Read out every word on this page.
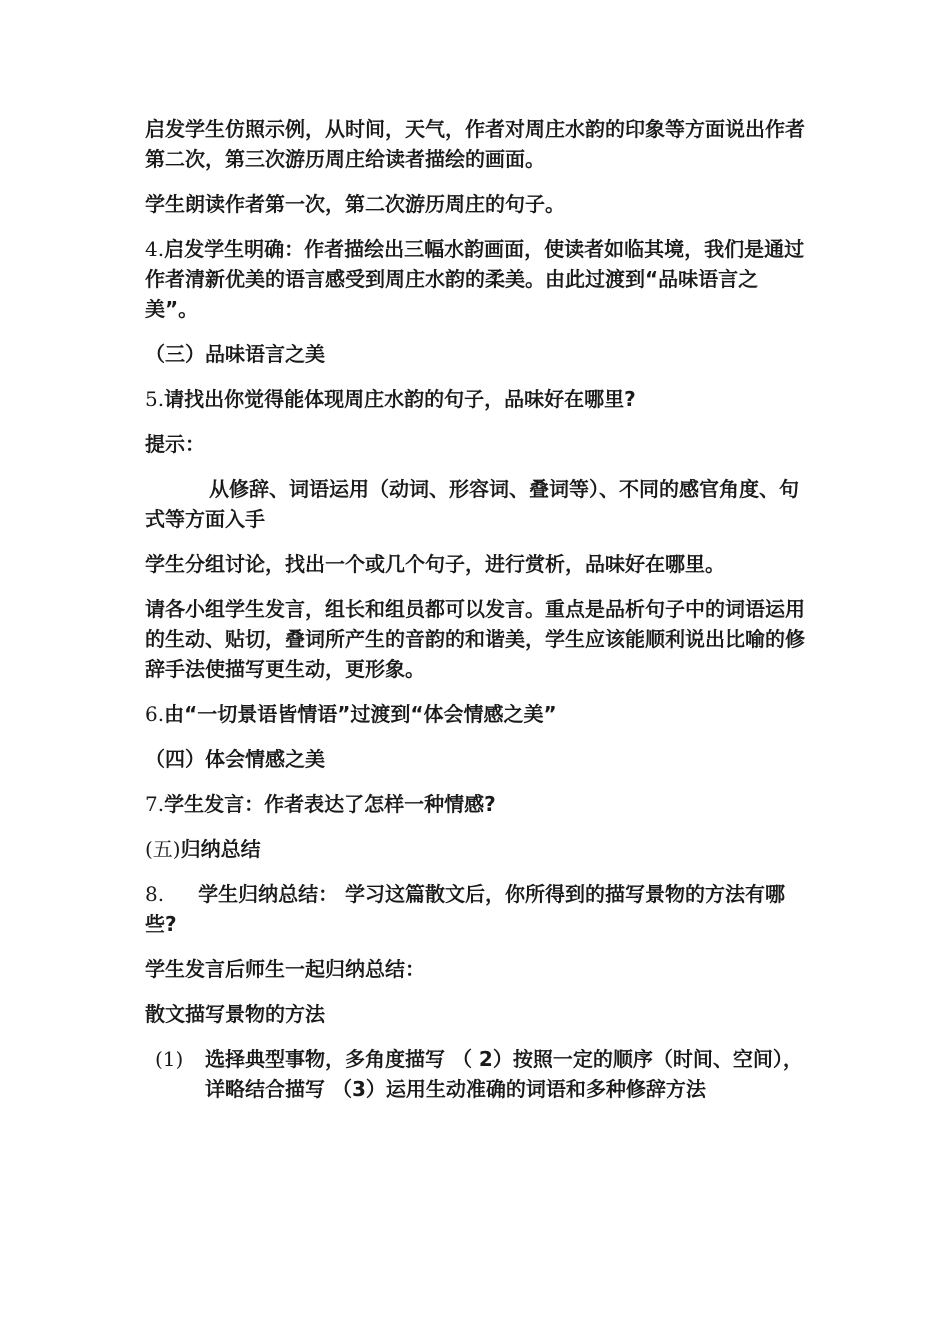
启发学生仿照示例，从时间，天气，作者对周庄水韵的印象等方面说出作者第二次，第三次游历周庄给读者描绘的画面。

学生朗读作者第一次，第二次游历周庄的句子。

4.启发学生明确：作者描绘出三幅水韵画面，使读者如临其境，我们是通过作者清新优美的语言感受到周庄水韵的柔美。由此过渡到“品味语言之美”。

（三）品味语言之美

5.请找出你觉得能体现周庄水韵的句子，品味好在哪里?

提示：

从修辞、词语运用（动词、形容词、叠词等）、不同的感官角度、句式等方面入手

学生分组讨论，找出一个或几个句子，进行赏析，品味好在哪里。

请各小组学生发言，组长和组员都可以发言。重点是品析句子中的词语运用的生动、贴切，叠词所产生的音韵的和谐美，学生应该能顺利说出比喻的修辞手法使描写更生动，更形象。

6.由“一切景语皆情语”过渡到“体会情感之美”

（四）体会情感之美

7.学生发言：作者表达了怎样一种情感?

(五)归纳总结

8. 学生归纳总结： 学习这篇散文后，你所得到的描写景物的方法有哪些?

学生发言后师生一起归纳总结：

散文描写景物的方法

(1)	选择典型事物，多角度描写 （ 2）按照一定的顺序（时间、空间），详略结合描写 （3）运用生动准确的词语和多种修辞方法
